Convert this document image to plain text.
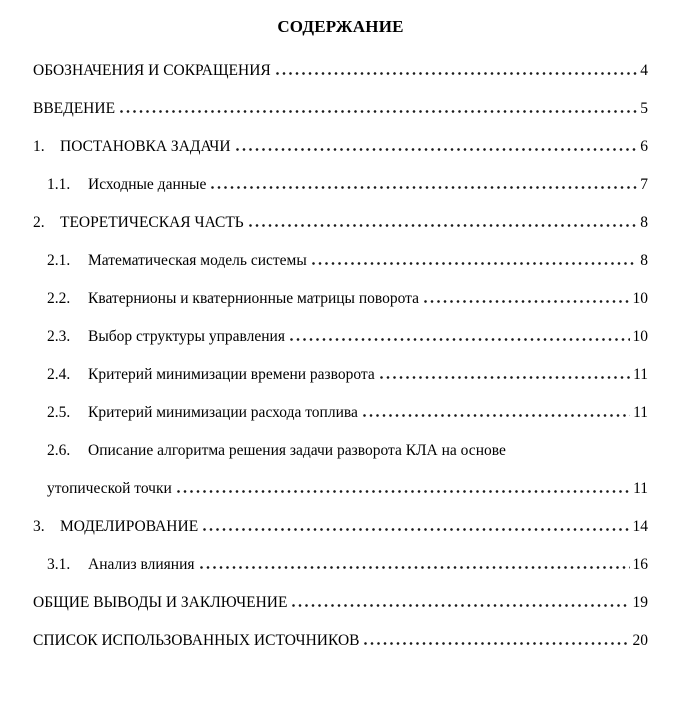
СОДЕРЖАНИЕ
ОБОЗНАЧЕНИЯ И СОКРАЩЕНИЯ	4
ВВЕДЕНИЕ	5
1. ПОСТАНОВКА ЗАДАЧИ	6
1.1.	Исходные данные	7
2. ТЕОРЕТИЧЕСКАЯ ЧАСТЬ	8
2.1.	Математическая модель системы	8
2.2.	Кватернионы и кватернионные матрицы поворота	10
2.3.	Выбор структуры управления	10
2.4.	Критерий минимизации времени разворота	11
2.5.	Критерий минимизации расхода топлива	11
2.6.	Описание алгоритма решения задачи разворота КЛА на основе
утопической точки	11
3. МОДЕЛИРОВАНИЕ	14
3.1.	Анализ влияния	16
ОБЩИЕ ВЫВОДЫ И ЗАКЛЮЧЕНИЕ	19
СПИСОК ИСПОЛЬЗОВАННЫХ ИСТОЧНИКОВ	20
